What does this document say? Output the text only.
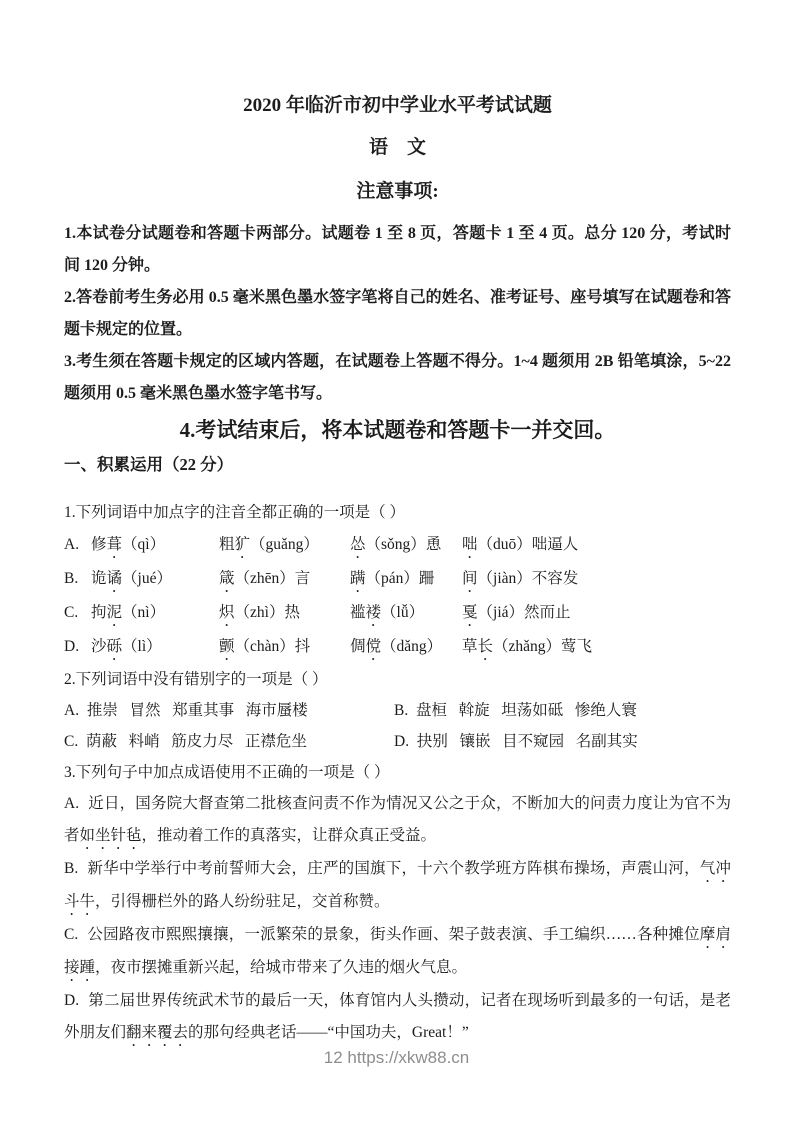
2020 年临沂市初中学业水平考试试题
语    文
注意事项:

1.本试卷分试题卷和答题卡两部分。试题卷 1 至 8 页，答题卡 1 至 4 页。总分 120 分，考试时间 120 分钟。

2.答卷前考生务必用 0.5 毫米黑色墨水签字笔将自己的姓名、准考证号、座号填写在试题卷和答题卡规定的位置。

3.考生须在答题卡规定的区域内答题，在试题卷上答题不得分。1~4 题须用 2B 铅笔填涂，5~22 题须用 0.5 毫米黑色墨水签字笔书写。

4.考试结束后，将本试题卷和答题卡一并交回。

一、积累运用（22 分）

1.下列词语中加点字的注音全都正确的一项是（ ）

A. 修葺（qì）	粗犷（guǎng）	怂（sǒng）恿	咄（duō）咄逼人
B. 诡谲（jué）	箴（zhēn）言	蹒（pán）跚	间（jiàn）不容发
C. 拘泥（nì）	炽（zhì）热	褴褛（lǚ）	戛（jiá）然而止
D. 沙砾（lì）	颤（chàn）抖	倜傥（dǎng）	草长（zhǎng）莺飞

2.下列词语中没有错别字的一项是（ ）

A.  推崇   冒然   郑重其事   海市蜃楼	B.  盘桓   斡旋   坦荡如砥   惨绝人寰
C.  荫蔽   料峭   筋皮力尽   正襟危坐	D.  抉别   镶嵌   目不窥园   名副其实

3.下列句子中加点成语使用不正确的一项是（ ）

A. 近日，国务院大督查第二批核查问责不作为情况又公之于众，不断加大的问责力度让为官不为者如坐针毡，推动着工作的真落实，让群众真正受益。

B. 新华中学举行中考前誓师大会，庄严的国旗下，十六个教学班方阵棋布操场，声震山河，气冲斗牛，引得栅栏外的路人纷纷驻足，交首称赞。

C. 公园路夜市熙熙攘攘，一派繁荣的景象，街头作画、架子鼓表演、手工编织……各种摊位摩肩接踵，夜市摆摊重新兴起，给城市带来了久违的烟火气息。

D. 第二届世界传统武术节的最后一天，体育馆内人头攒动，记者在现场听到最多的一句话，是老外朋友们翻来覆去的那句经典老话——“中国功夫，Great！”

12 https://xkw88.cn
